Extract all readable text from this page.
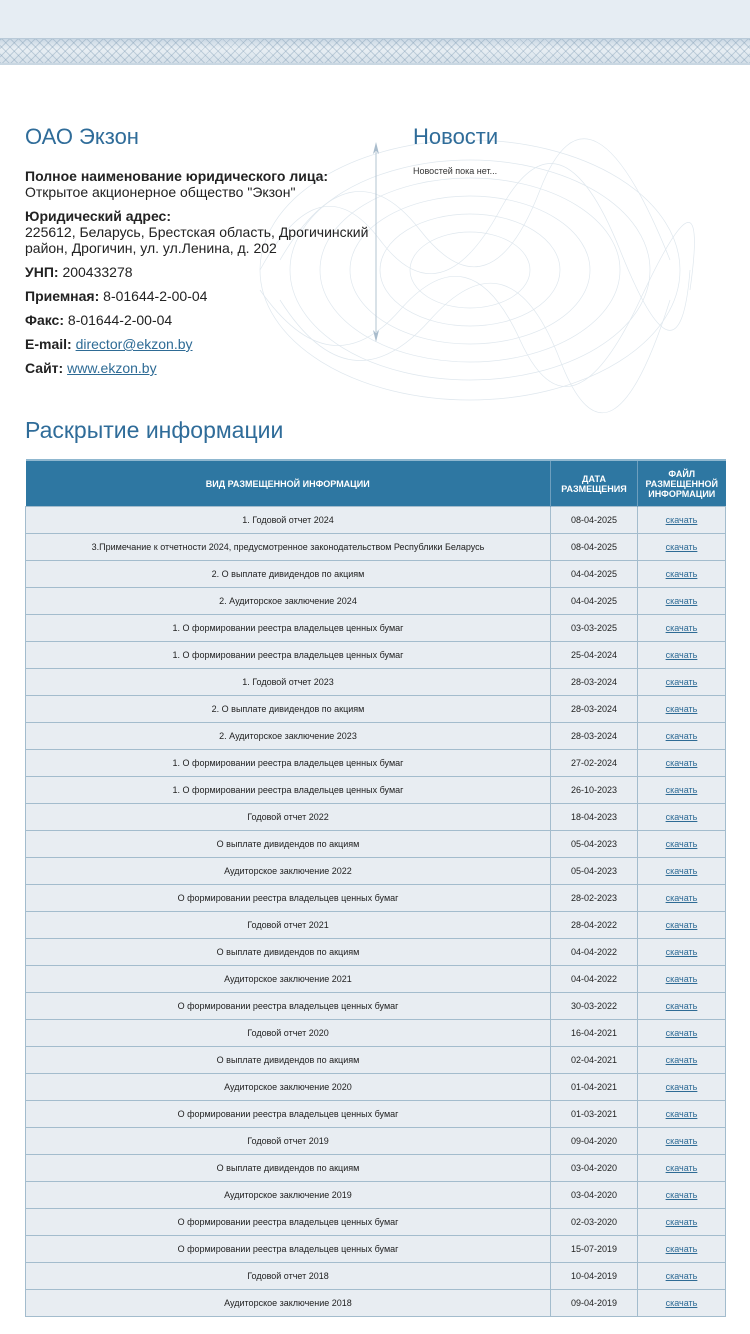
ОАО Экзон
Полное наименование юридического лица:
Открытое акционерное общество "Экзон"
Юридический адрес:
225612, Беларусь, Брестская область, Дрогичинский район, Дрогичин, ул. ул.Ленина, д. 202
УНП: 200433278
Приемная: 8-01644-2-00-04
Факс: 8-01644-2-00-04
E-mail: director@ekzon.by
Сайт: www.ekzon.by
Новости
Новостей пока нет...
Раскрытие информации
ВИД РАЗМЕЩЕННОЙ ИНФОРМАЦИИ	ДАТА РАЗМЕЩЕНИЯ	ФАЙЛ РАЗМЕЩЕННОЙ ИНФОРМАЦИИ
1. Годовой отчет 2024	08-04-2025	скачать
3.Примечание к отчетности 2024, предусмотренное законодательством Республики Беларусь	08-04-2025	скачать
2. О выплате дивидендов по акциям	04-04-2025	скачать
2. Аудиторское заключение 2024	04-04-2025	скачать
1. О формировании реестра владельцев ценных бумаг	03-03-2025	скачать
1. О формировании реестра владельцев ценных бумаг	25-04-2024	скачать
1. Годовой отчет 2023	28-03-2024	скачать
2. О выплате дивидендов по акциям	28-03-2024	скачать
2. Аудиторское заключение 2023	28-03-2024	скачать
1. О формировании реестра владельцев ценных бумаг	27-02-2024	скачать
1. О формировании реестра владельцев ценных бумаг	26-10-2023	скачать
Годовой отчет 2022	18-04-2023	скачать
О выплате дивидендов по акциям	05-04-2023	скачать
Аудиторское заключение 2022	05-04-2023	скачать
О формировании реестра владельцев ценных бумаг	28-02-2023	скачать
Годовой отчет 2021	28-04-2022	скачать
О выплате дивидендов по акциям	04-04-2022	скачать
Аудиторское заключение 2021	04-04-2022	скачать
О формировании реестра владельцев ценных бумаг	30-03-2022	скачать
Годовой отчет 2020	16-04-2021	скачать
О выплате дивидендов по акциям	02-04-2021	скачать
Аудиторское заключение 2020	01-04-2021	скачать
О формировании реестра владельцев ценных бумаг	01-03-2021	скачать
Годовой отчет 2019	09-04-2020	скачать
О выплате дивидендов по акциям	03-04-2020	скачать
Аудиторское заключение 2019	03-04-2020	скачать
О формировании реестра владельцев ценных бумаг	02-03-2020	скачать
О формировании реестра владельцев ценных бумаг	15-07-2019	скачать
Годовой отчет 2018	10-04-2019	скачать
Аудиторское заключение 2018	09-04-2019	скачать
